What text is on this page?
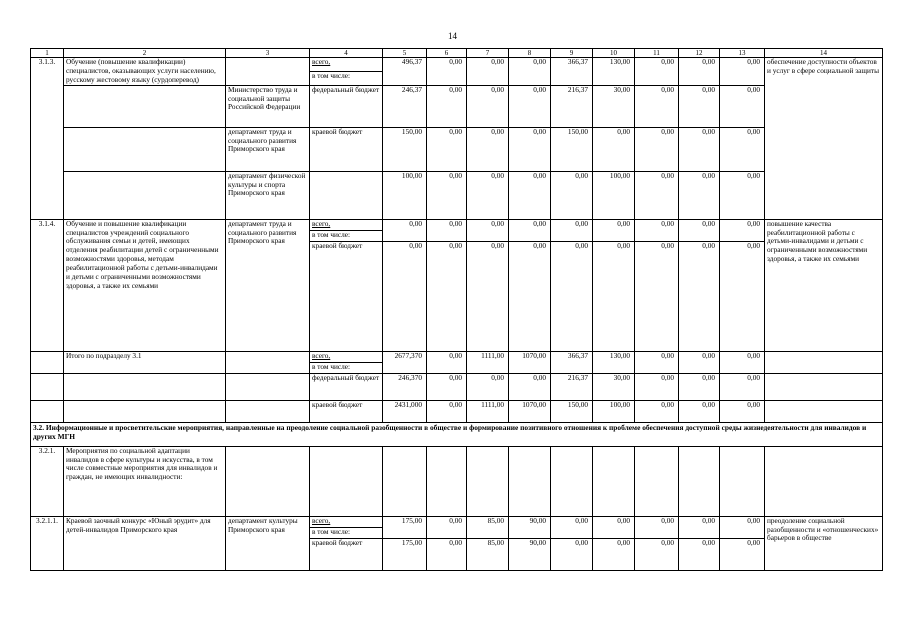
14
1	2	3	4	5	6	7	8	9	10	11	12	13	14
3.1.3.	Обучение (повышение квалификации) специалистов, оказывающих услуги населению, русскому жестовому языку (сурдоперевод)		всего,	496,37	0,00	0,00	0,00	366,37	130,00	0,00	0,00	0,00	обеспечение доступности объектов и услуг в сфере социальной защиты
			в том числе:										
		Министерство труда и социальной защиты Российской Федерации	федеральный бюджет	246,37	0,00	0,00	0,00	216,37	30,00	0,00	0,00	0,00	
		департамент труда и социального развития Приморского края	краевой бюджет	150,00	0,00	0,00	0,00	150,00	0,00	0,00	0,00	0,00	
		департамент физической культуры и спорта Приморского края		100,00	0,00	0,00	0,00	0,00	100,00	0,00	0,00	0,00	
3.1.4.	Обучение и повышение квалификации специалистов учреждений социального обслуживания семьи и детей, имеющих отделения реабилитации детей с ограниченными возможностями здоровья, методам реабилитационной работы с детьми-инвалидами и детьми с ограниченными возможностями здоровья, а также их семьями	департамент труда и социального развития Приморского края	всего,	0,00	0,00	0,00	0,00	0,00	0,00	0,00	0,00	0,00	повышение качества реабилитационной работы с детьми-инвалидами и детьми с ограниченными возможностями здоровья, а также их семьями
			в том числе:										
			краевой бюджет	0,00	0,00	0,00	0,00	0,00	0,00	0,00	0,00	0,00	
	Итого по подразделу 3.1		всего,	2677,370	0,00	1111,00	1070,00	366,37	130,00	0,00	0,00	0,00	
			в том числе:										
			федеральный бюджет	246,370	0,00	0,00	0,00	216,37	30,00	0,00	0,00	0,00	
			краевой бюджет	2431,000	0,00	1111,00	1070,00	150,00	100,00	0,00	0,00	0,00	
3.2. Информационные и просветительские мероприятия, направленные на преодоление социальной разобщенности в обществе и формирование позитивного отношения к проблеме обеспечения доступной среды жизнедеятельности для инвалидов и других МГН													
3.2.1.	Мероприятия по социальной адаптации инвалидов в сфере культуры и искусства, в том числе совместные мероприятия для инвалидов и граждан, не имеющих инвалидности:												
3.2.1.1.	Краевой заочный конкурс «Юный эрудит» для детей-инвалидов Приморского края	департамент культуры Приморского края	всего,	175,00	0,00	85,00	90,00	0,00	0,00	0,00	0,00	0,00	преодоление социальной разобщенности и «отношенческих» барьеров в обществе
			в том числе:										
			краевой бюджет	175,00	0,00	85,00	90,00	0,00	0,00	0,00	0,00	0,00	
